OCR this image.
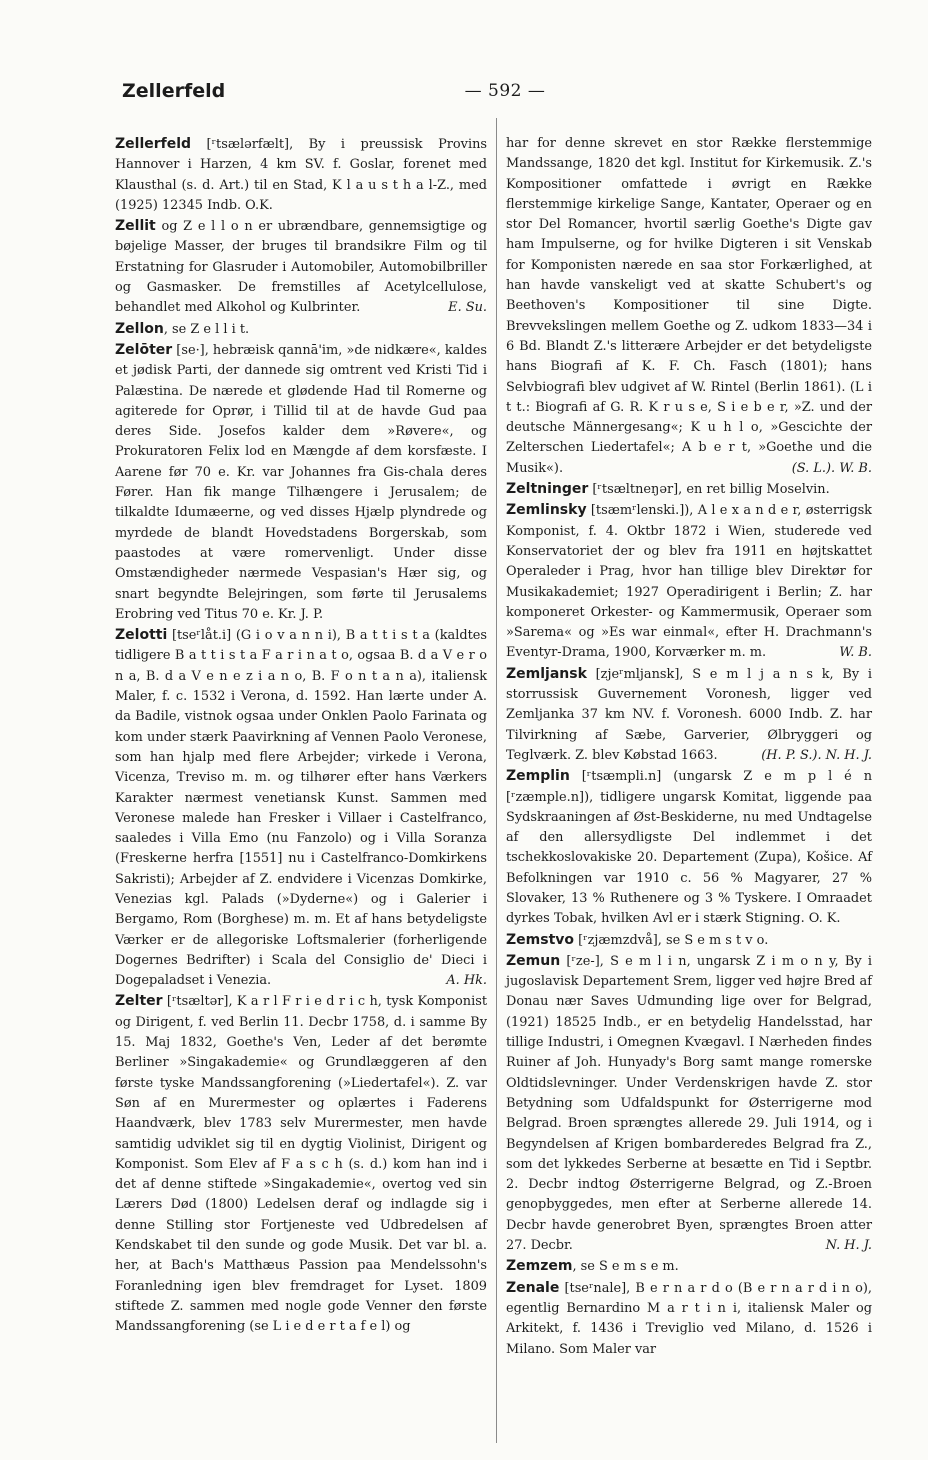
Zellerfeld	— 592 —

Zellerfeld [ʳtsælərfælt], By i preussisk Provins Hannover i Harzen, 4 km SV. f. Goslar, forenet med Klausthal (s. d. Art.) til en Stad, K l a u s t h a l-Z., med (1925) 12345 Indb. O.K.

Zellit og Z e l l o n er ubrændbare, gennemsigtige og bøjelige Masser, der bruges til brandsikre Film og til Erstatning for Glasruder i Automobiler, Automobilbriller og Gasmasker. De fremstilles af Acetylcellulose, behandlet med Alkohol og Kulbrinter.	E. Su.

Zellon, se Z e l l i t.

Zelōter [se·], hebræisk qannā'im, »de nidkære«, kaldes et jødisk Parti, der dannede sig omtrent ved Kristi Tid i Palæstina. De nærede et glødende Had til Romerne og agiterede for Oprør, i Tillid til at de havde Gud paa deres Side. Josefos kalder dem »Røvere«, og Prokuratoren Felix lod en Mængde af dem korsfæste. I Aarene før 70 e. Kr. var Johannes fra Gis-chala deres Fører. Han fik mange Tilhængere i Jerusalem; de tilkaldte Idumæerne, og ved disses Hjælp plyndrede og myrdede de blandt Hovedstadens Borgerskab, som paastodes at være romervenligt. Under disse Omstændigheder nærmede Vespasian's Hær sig, og snart begyndte Belejringen, som førte til Jerusalems Erobring ved Titus 70 e. Kr. J. P.

Zelotti [tseʳlåt.i] (G i o v a n n i), B a t t i s t a (kaldtes tidligere B a t t i s t a F a r i n a t o, ogsaa B. d a V e r o n a, B. d a V e n e z i a n o, B. F o n t a n a), italiensk Maler, f. c. 1532 i Verona, d. 1592. Han lærte under A. da Badile, vistnok ogsaa under Onklen Paolo Farinata og kom under stærk Paavirkning af Vennen Paolo Veronese, som han hjalp med flere Arbejder; virkede i Verona, Vicenza, Treviso m. m. og tilhører efter hans Værkers Karakter nærmest venetiansk Kunst. Sammen med Veronese malede han Fresker i Villaer i Castelfranco, saaledes i Villa Emo (nu Fanzolo) og i Villa Soranza (Freskerne herfra [1551] nu i Castelfranco-Domkirkens Sakristi); Arbejder af Z. endvidere i Vicenzas Domkirke, Venezias kgl. Palads (»Dyderne«) og i Galerier i Bergamo, Rom (Borghese) m. m. Et af hans betydeligste Værker er de allegoriske Loftsmalerier (forherligende Dogernes Bedrifter) i Scala del Consiglio de' Dieci i Dogepaladset i Venezia.	A. Hk.

Zelter [ʳtsæltər], K a r l F r i e d r i c h, tysk Komponist og Dirigent, f. ved Berlin 11. Decbr 1758, d. i samme By 15. Maj 1832, Goethe's Ven, Leder af det berømte Berliner »Singakademie« og Grundlæggeren af den første tyske Mandssangforening (»Liedertafel«). Z. var Søn af en Murermester og oplærtes i Faderens Haandværk, blev 1783 selv Murermester, men havde samtidig udviklet sig til en dygtig Violinist, Dirigent og Komponist. Som Elev af F a s c h (s. d.) kom han ind i det af denne stiftede »Singakademie«, overtog ved sin Lærers Død (1800) Ledelsen deraf og indlagde sig i denne Stilling stor Fortjeneste ved Udbredelsen af Kendskabet til den sunde og gode Musik. Det var bl. a. her, at Bach's Matthæus Passion paa Mendelssohn's Foranledning igen blev fremdraget for Lyset. 1809 stiftede Z. sammen med nogle gode Venner den første Mandssangforening (se L i e d e r t a f e l) og

har for denne skrevet en stor Række flerstemmige Mandssange, 1820 det kgl. Institut for Kirkemusik. Z.'s Kompositioner omfattede i øvrigt en Række flerstemmige kirkelige Sange, Kantater, Operaer og en stor Del Romancer, hvortil særlig Goethe's Digte gav ham Impulserne, og for hvilke Digteren i sit Venskab for Komponisten nærede en saa stor Forkærlighed, at han havde vanskeligt ved at skatte Schubert's og Beethoven's Kompositioner til sine Digte. Brevvekslingen mellem Goethe og Z. udkom 1833—34 i 6 Bd. Blandt Z.'s litterære Arbejder er det betydeligste hans Biografi af K. F. Ch. Fasch (1801); hans Selvbiografi blev udgivet af W. Rintel (Berlin 1861). (L i t t.: Biografi af G. R. K r u s e, S i e b e r, »Z. und der deutsche Männergesang«; K u h l o, »Gescichte der Zelterschen Liedertafel«; A b e r t, »Goethe und die Musik«).	(S. L.). W. B.

Zeltninger [ʳtsæltneŋər], en ret billig Moselvin.

Zemlinsky [tsæmʳlenski.]), A l e x a n d e r, østerrigsk Komponist, f. 4. Oktbr 1872 i Wien, studerede ved Konservatoriet der og blev fra 1911 en højtskattet Operaleder i Prag, hvor han tillige blev Direktør for Musikakademiet; 1927 Operadirigent i Berlin; Z. har komponeret Orkester- og Kammermusik, Operaer som »Sarema« og »Es war einmal«, efter H. Drachmann's Eventyr-Drama, 1900, Korværker m. m.	W. B.

Zemljansk [zjeʳmljansk], S e m l j a n s k, By i storrussisk Guvernement Voronesh, ligger ved Zemljanka 37 km NV. f. Voronesh. 6000 Indb. Z. har Tilvirkning af Sæbe, Garverier, Ølbryggeri og Teglværk. Z. blev Købstad 1663.	(H. P. S.). N. H. J.

Zemplin [ʳtsæmpli.n] (ungarsk Z e m p l é n [ʳzæmple.n]), tidligere ungarsk Komitat, liggende paa Sydskraaningen af Øst-Beskiderne, nu med Undtagelse af den allersydligste Del indlemmet i det tschekkoslovakiske 20. Departement (Zupa), Košice. Af Befolkningen var 1910 c. 56 % Magyarer, 27 % Slovaker, 13 % Ruthenere og 3 % Tyskere. I Omraadet dyrkes Tobak, hvilken Avl er i stærk Stigning. O. K.

Zemstvo [ʳzjæmzdvå], se S e m s t v o.

Zemun [ʳze-], S e m l i n, ungarsk Z i m o n y, By i jugoslavisk Departement Srem, ligger ved højre Bred af Donau nær Saves Udmunding lige over for Belgrad, (1921) 18525 Indb., er en betydelig Handelsstad, har tillige Industri, i Omegnen Kvægavl. I Nærheden findes Ruiner af Joh. Hunyady's Borg samt mange romerske Oldtidslevninger. Under Verdenskrigen havde Z. stor Betydning som Udfaldspunkt for Østerrigerne mod Belgrad. Broen sprængtes allerede 29. Juli 1914, og i Begyndelsen af Krigen bombarderedes Belgrad fra Z., som det lykkedes Serberne at besætte en Tid i Septbr. 2. Decbr indtog Østerrigerne Belgrad, og Z.-Broen genopbyggedes, men efter at Serberne allerede 14. Decbr havde generobret Byen, sprængtes Broen atter 27. Decbr.	N. H. J.

Zemzem, se S e m s e m.

Zenale [tseʳnale], B e r n a r d o (B e r n a r d i n o), egentlig Bernardino M a r t i n i, italiensk Maler og Arkitekt, f. 1436 i Treviglio ved Milano, d. 1526 i Milano. Som Maler var
